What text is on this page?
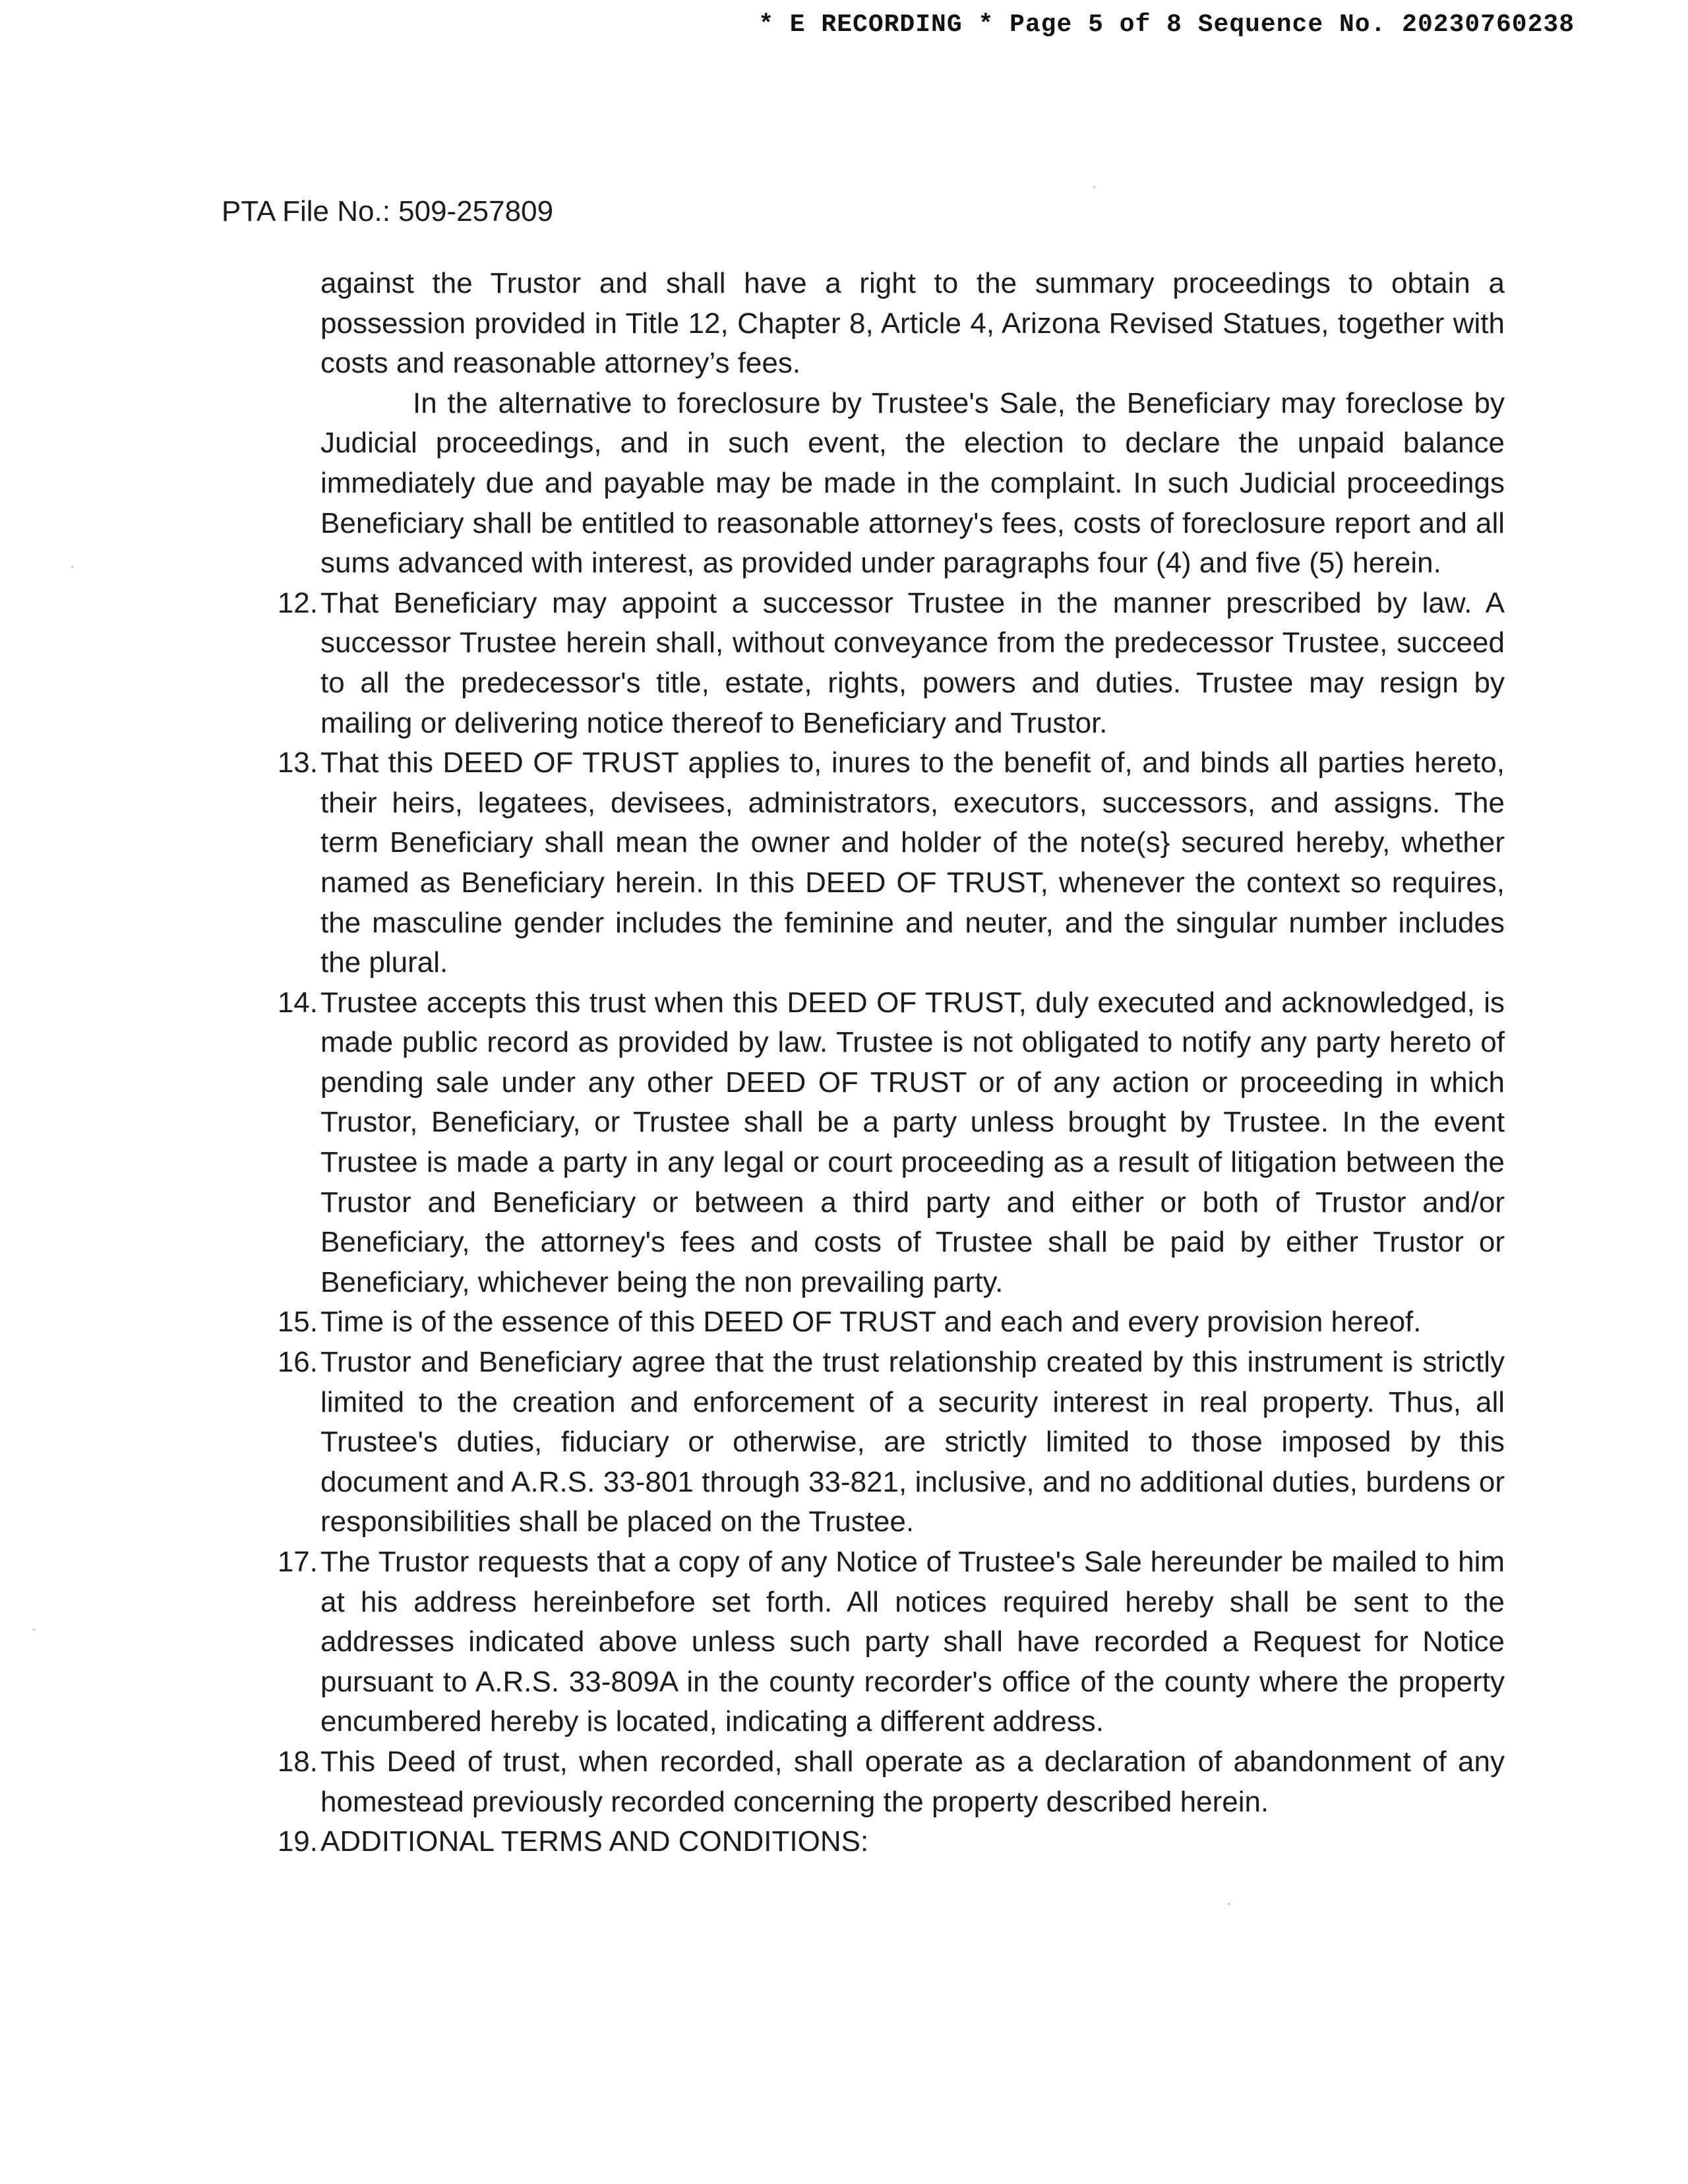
* E RECORDING * Page 5 of 8 Sequence No. 20230760238
PTA File No.: 509-257809

against the Trustor and shall have a right to the summary proceedings to obtain a possession provided in Title 12, Chapter 8, Article 4, Arizona Revised Statues, together with costs and reasonable attorney’s fees.

In the alternative to foreclosure by Trustee's Sale, the Beneficiary may foreclose by Judicial proceedings, and in such event, the election to declare the unpaid balance immediately due and payable may be made in the complaint. In such Judicial proceedings Beneficiary shall be entitled to reasonable attorney's fees, costs of foreclosure report and all sums advanced with interest, as provided under paragraphs four (4) and five (5) herein.

12. That Beneficiary may appoint a successor Trustee in the manner prescribed by law. A successor Trustee herein shall, without conveyance from the predecessor Trustee, succeed to all the predecessor's title, estate, rights, powers and duties. Trustee may resign by mailing or delivering notice thereof to Beneficiary and Trustor.
13. That this DEED OF TRUST applies to, inures to the benefit of, and binds all parties hereto, their heirs, legatees, devisees, administrators, executors, successors, and assigns. The term Beneficiary shall mean the owner and holder of the note(s} secured hereby, whether named as Beneficiary herein. In this DEED OF TRUST, whenever the context so requires, the masculine gender includes the feminine and neuter, and the singular number includes the plural.
14. Trustee accepts this trust when this DEED OF TRUST, duly executed and acknowledged, is made public record as provided by law. Trustee is not obligated to notify any party hereto of pending sale under any other DEED OF TRUST or of any action or proceeding in which Trustor, Beneficiary, or Trustee shall be a party unless brought by Trustee. In the event Trustee is made a party in any legal or court proceeding as a result of litigation between the Trustor and Beneficiary or between a third party and either or both of Trustor and/or Beneficiary, the attorney's fees and costs of Trustee shall be paid by either Trustor or Beneficiary, whichever being the non prevailing party.
15. Time is of the essence of this DEED OF TRUST and each and every provision hereof.
16. Trustor and Beneficiary agree that the trust relationship created by this instrument is strictly limited to the creation and enforcement of a security interest in real property. Thus, all Trustee's duties, fiduciary or otherwise, are strictly limited to those imposed by this document and A.R.S. 33-801 through 33-821, inclusive, and no additional duties, burdens or responsibilities shall be placed on the Trustee.
17. The Trustor requests that a copy of any Notice of Trustee's Sale hereunder be mailed to him at his address hereinbefore set forth. All notices required hereby shall be sent to the addresses indicated above unless such party shall have recorded a Request for Notice pursuant to A.R.S. 33-809A in the county recorder's office of the county where the property encumbered hereby is located, indicating a different address.
18. This Deed of trust, when recorded, shall operate as a declaration of abandonment of any homestead previously recorded concerning the property described herein.
19. ADDITIONAL TERMS AND CONDITIONS:
